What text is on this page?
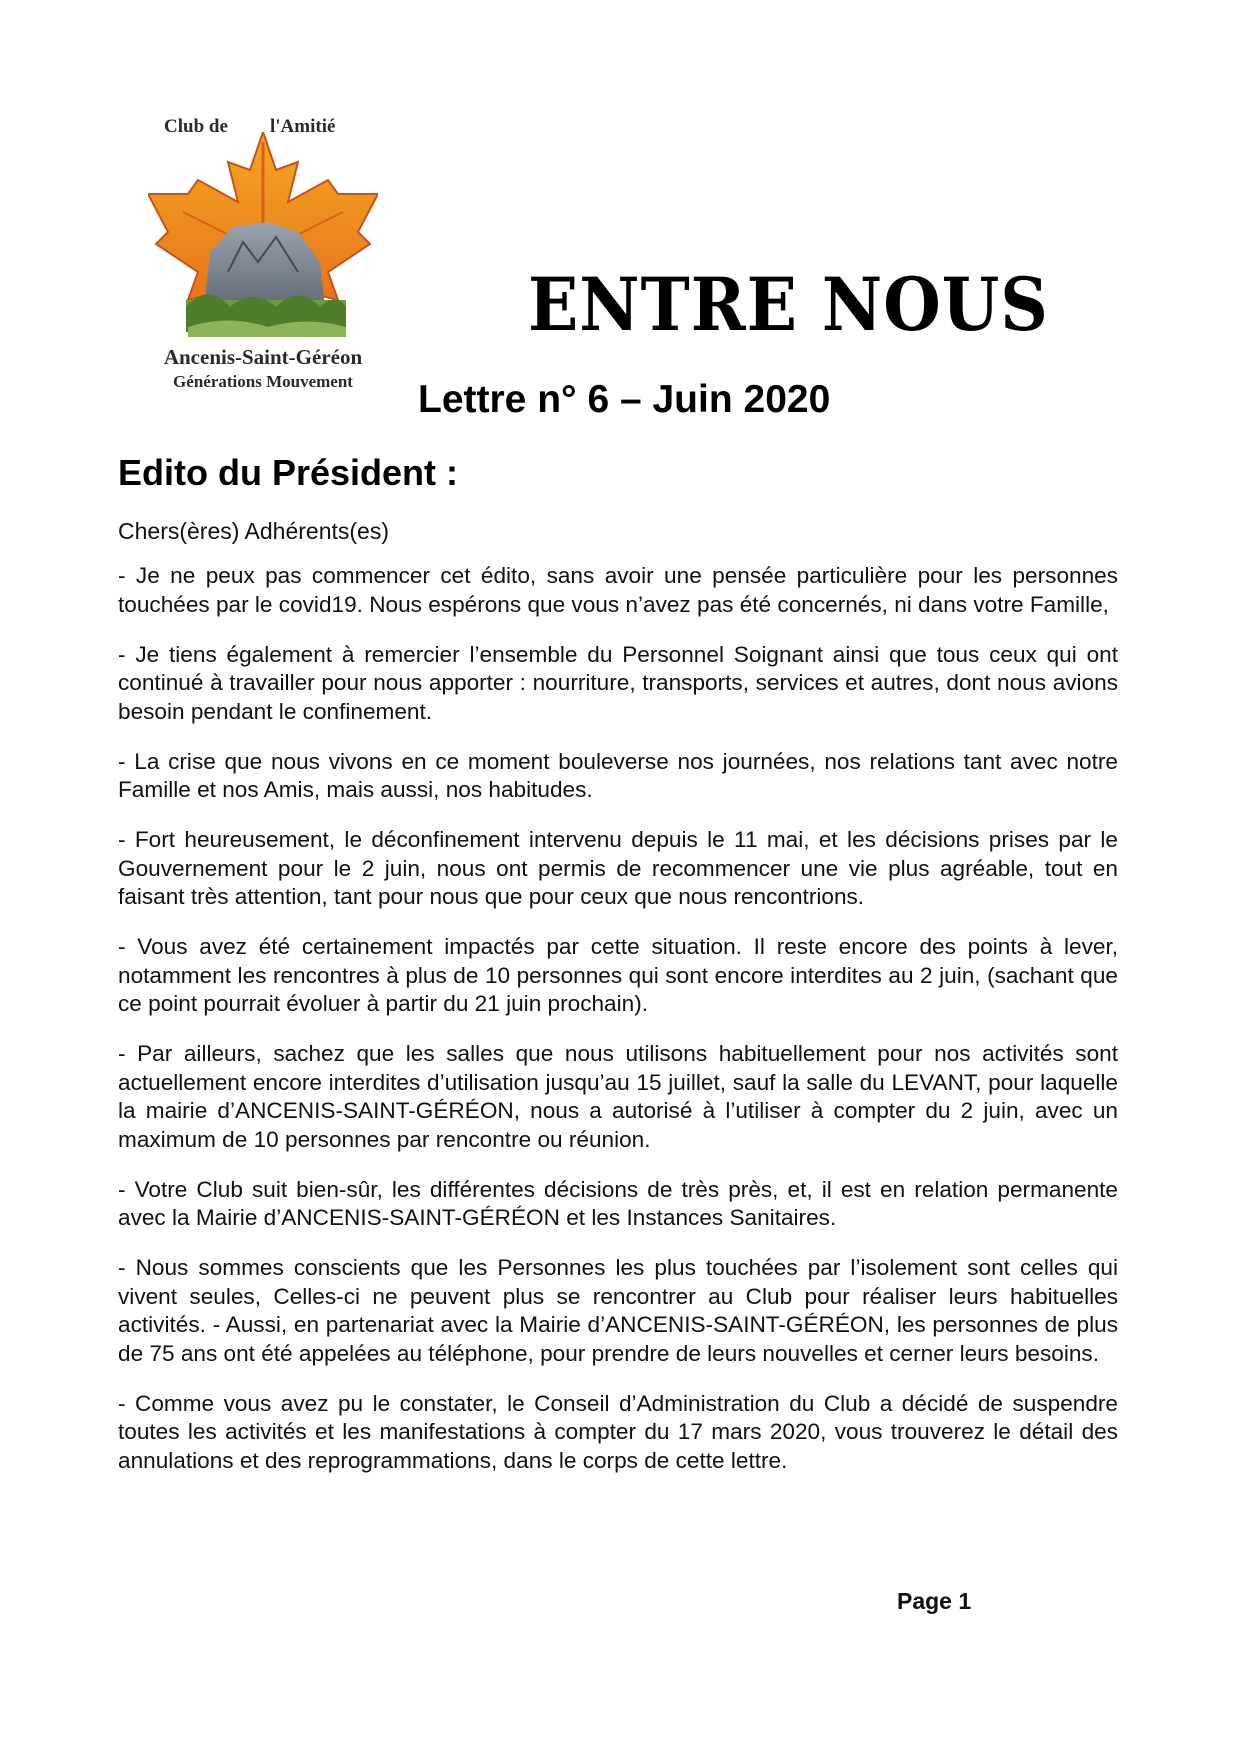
Club de l'Amitié
Ancenis-Saint-Géréon
Générations Mouvement
ENTRE NOUS
Lettre n° 6 – Juin 2020
Edito du Président :
Chers(ères) Adhérents(es)

- Je ne peux pas commencer cet édito, sans avoir une pensée particulière pour les personnes touchées par le covid19. Nous espérons que vous n’avez pas été concernés, ni dans votre Famille,

- Je tiens également à remercier l’ensemble du Personnel Soignant ainsi que tous ceux qui ont continué à travailler pour nous apporter : nourriture, transports, services et autres, dont nous avions besoin pendant le confinement.

- La crise que nous vivons en ce moment bouleverse nos journées, nos relations tant avec notre Famille et nos Amis, mais aussi, nos habitudes.

- Fort heureusement, le déconfinement intervenu depuis le 11 mai, et les décisions prises par le Gouvernement pour le 2 juin, nous ont permis de recommencer une vie plus agréable, tout en faisant très attention, tant pour nous que pour ceux que nous rencontrions.

- Vous avez été certainement impactés par cette situation. Il reste encore des points à lever, notamment les rencontres à plus de 10 personnes qui sont encore interdites au 2 juin, (sachant que ce point pourrait évoluer à partir du 21 juin prochain).

- Par ailleurs, sachez que les salles que nous utilisons habituellement pour nos activités sont actuellement encore interdites d’utilisation jusqu’au 15 juillet, sauf la salle du LEVANT, pour laquelle la mairie d’ANCENIS-SAINT-GÉRÉON, nous a autorisé à l’utiliser à compter du 2 juin, avec un maximum de 10 personnes par rencontre ou réunion.

- Votre Club suit bien-sûr, les différentes décisions de très près, et, il est en relation permanente avec la Mairie d’ANCENIS-SAINT-GÉRÉON et les Instances Sanitaires.

- Nous sommes conscients que les Personnes les plus touchées par l’isolement sont celles qui vivent seules, Celles-ci ne peuvent plus se rencontrer au Club pour réaliser leurs habituelles activités. - Aussi, en partenariat avec la Mairie d’ANCENIS-SAINT-GÉRÉON, les personnes de plus de 75 ans ont été appelées au téléphone, pour prendre de leurs nouvelles et cerner leurs besoins.

- Comme vous avez pu le constater, le Conseil d’Administration du Club a décidé de suspendre toutes les activités et les manifestations à compter du 17 mars 2020, vous trouverez le détail des annulations et des reprogrammations, dans le corps de cette lettre.

Page 1
